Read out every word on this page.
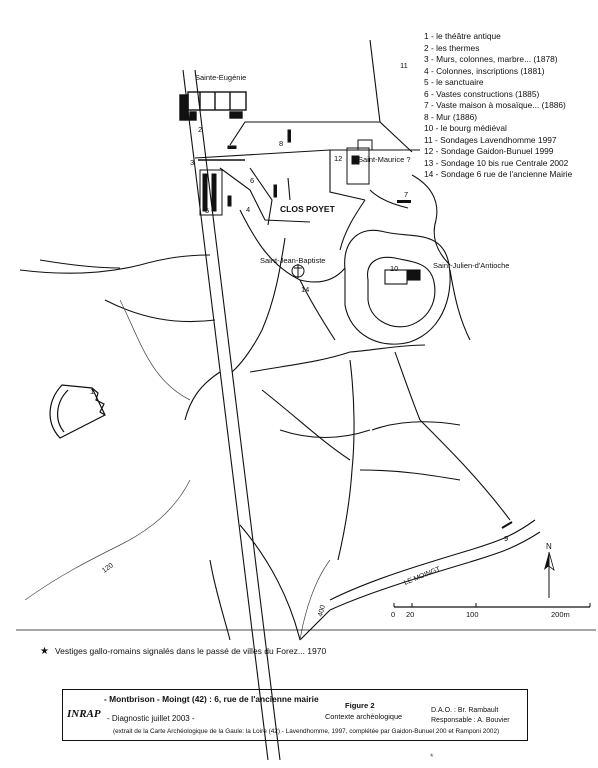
Sainte-Eugénie
CLOS POYET
Saint-Maurice ?
Saint-Jean-Baptiste
Saint-Julien-d'Antioche
LE MOINGT
1
2
3
4
5
6
7
8
9
10
11
12
14
120
400
N
0 20	100	200m
1 - le théâtre antique
2 - les thermes
3 - Murs, colonnes, marbre... (1878)
4 - Colonnes, inscriptions (1881)
5 - le sanctuaire
6 - Vastes constructions (1885)
7 - Vaste maison à mosaïque... (1886)
8 - Mur (1886)
10 - le bourg médiéval
11 - Sondages Lavendhomme 1997
12 - Sondage Gaidon-Bunuel 1999
13 - Sondage 10 bis rue Centrale 2002
14 - Sondage 6 rue de l'ancienne Mairie
★ Vestiges gallo-romains signalés dans le passé de villes du Forez... 1970
INRAP
- Montbrison - Moingt (42) : 6, rue de l'ancienne mairie
- Diagnostic juillet 2003 -
Figure 2
Contexte archéologique
D.A.O. : Br. Rambault
Responsable : A. Bouvier
(extrait de la Carte Archéologique de la Gaule: la Loire (42) - Lavendhomme, 1997, complétée par Gaidon-Bunuel 200 et Ramponi 2002)
*
